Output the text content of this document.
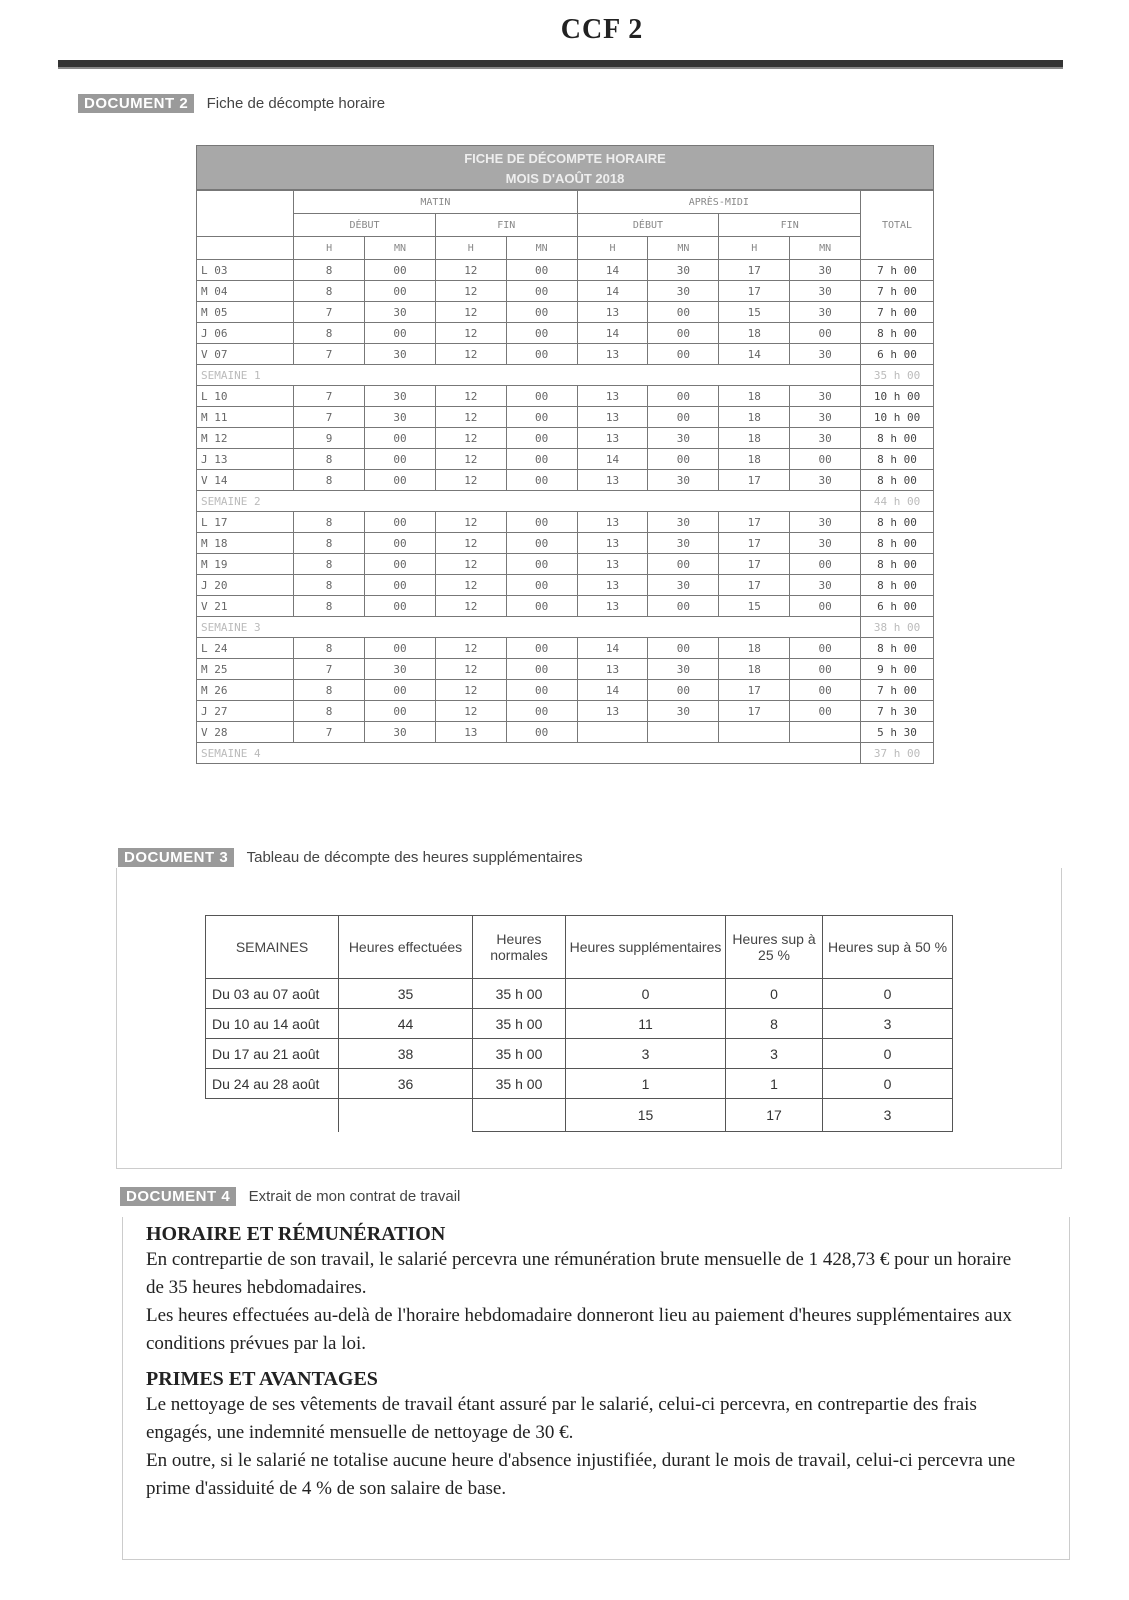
CCF 2
DOCUMENT 2 Fiche de décompte horaire
FICHE DE DÉCOMPTE HORAIRE
MOIS D'AOÛT 2018
	MATIN				APRÈS-MIDI				TOTAL
	DÉBUT		FIN		DÉBUT		FIN		
	H	MN	H	MN	H	MN	H	MN	
L 03	8	00	12	00	14	30	17	30	7 h 00
M 04	8	00	12	00	14	30	17	30	7 h 00
M 05	7	30	12	00	13	00	15	30	7 h 00
J 06	8	00	12	00	14	00	18	00	8 h 00
V 07	7	30	12	00	13	00	14	30	6 h 00
SEMAINE 1									35 h 00
L 10	7	30	12	00	13	00	18	30	10 h 00
M 11	7	30	12	00	13	00	18	30	10 h 00
M 12	9	00	12	00	13	30	18	30	8 h 00
J 13	8	00	12	00	14	00	18	00	8 h 00
V 14	8	00	12	00	13	30	17	30	8 h 00
SEMAINE 2									44 h 00
L 17	8	00	12	00	13	30	17	30	8 h 00
M 18	8	00	12	00	13	30	17	30	8 h 00
M 19	8	00	12	00	13	00	17	00	8 h 00
J 20	8	00	12	00	13	30	17	30	8 h 00
V 21	8	00	12	00	13	00	15	00	6 h 00
SEMAINE 3									38 h 00
L 24	8	00	12	00	14	00	18	00	8 h 00
M 25	7	30	12	00	13	30	18	00	9 h 00
M 26	8	00	12	00	14	00	17	00	7 h 00
J 27	8	00	12	00	13	30	17	00	7 h 30
V 28	7	30	13	00					5 h 30
SEMAINE 4									37 h 00
DOCUMENT 3 Tableau de décompte des heures supplémentaires
SEMAINES	Heures effectuées	Heures normales	Heures supplémentaires	Heures sup à 25 %	Heures sup à 50 %
Du 03 au 07 août	35	35 h 00	0	0	0
Du 10 au 14 août	44	35 h 00	11	8	3
Du 17 au 21 août	38	35 h 00	3	3	0
Du 24 au 28 août	36	35 h 00	1	1	0
			15	17	3
DOCUMENT 4 Extrait de mon contrat de travail
HORAIRE ET RÉMUNÉRATION
En contrepartie de son travail, le salarié percevra une rémunération brute mensuelle de 1 428,73 € pour un horaire de 35 heures hebdomadaires.
Les heures effectuées au-delà de l'horaire hebdomadaire donneront lieu au paiement d'heures supplémentaires aux conditions prévues par la loi.
PRIMES ET AVANTAGES
Le nettoyage de ses vêtements de travail étant assuré par le salarié, celui-ci percevra, en contrepartie des frais engagés, une indemnité mensuelle de nettoyage de 30 €.
En outre, si le salarié ne totalise aucune heure d'absence injustifiée, durant le mois de travail, celui-ci percevra une prime d'assiduité de 4 % de son salaire de base.
